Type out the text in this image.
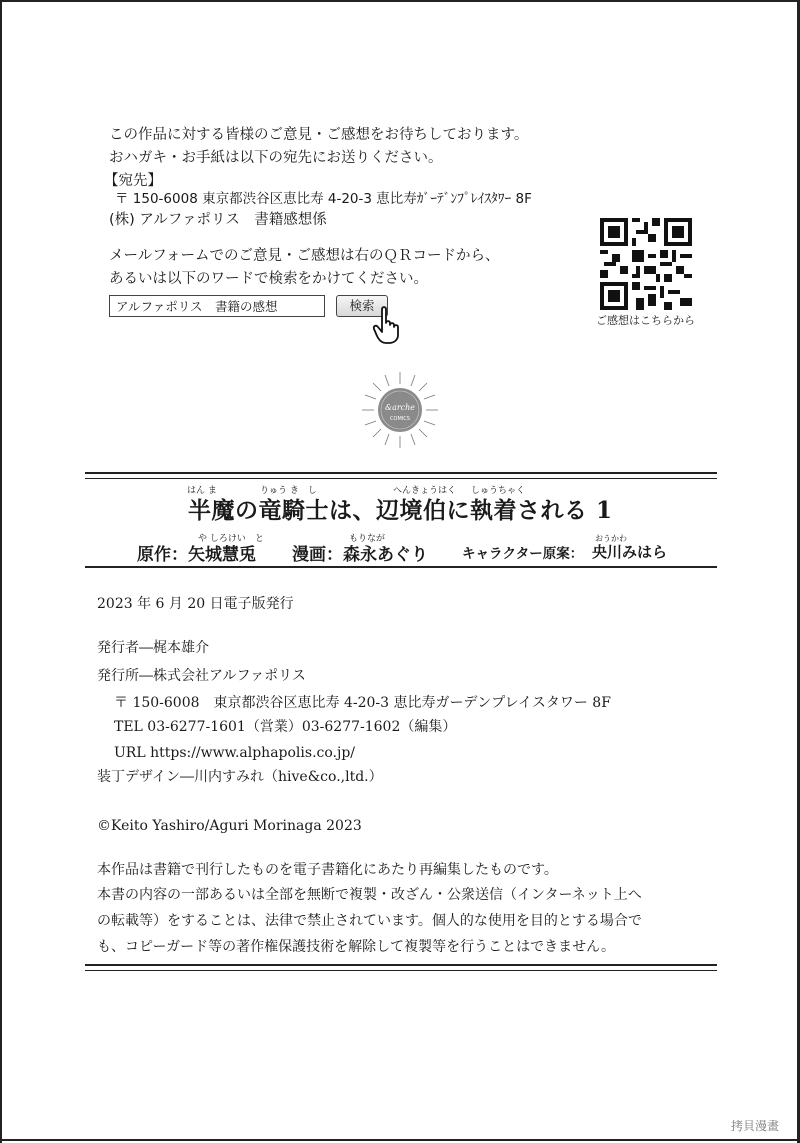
この作品に対する皆様のご意見・ご感想をお待ちしております。
おハガキ・お手紙は以下の宛先にお送りください。
【宛先】
〒 150-6008 東京都渋谷区恵比寿 4-20-3 恵比寿ｶﾞｰﾃﾞﾝﾌﾟﾚｲｽﾀﾜｰ 8F
(株) アルファポリス　書籍感想係
メールフォームでのご意見・ご感想は右のＱＲコードから、
あるいは以下のワードで検索をかけてください。
アルファポリス　書籍の感想	検索
ご感想はこちらから
&arche
COMICS
はん ま	りゅう き　し	へんきょうはく しゅうちゃく
半魔の竜騎士は、辺境伯に執着される 1
や しろけい　と	もりなが	おうかわ
原作：矢城慧兎 漫画：森永あぐり	キャラクター原案： 央川みはら
2023 年 6 月 20 日電子版発行
発行者―梶本雄介
発行所―株式会社アルファポリス
〒 150-6008　東京都渋谷区恵比寿 4-20-3 恵比寿ガーデンプレイスタワー 8F
TEL 03-6277-1601（営業）03-6277-1602（編集）
URL https://www.alphapolis.co.jp/
装丁デザイン―川内すみれ（hive&co.,ltd.）
©Keito Yashiro/Aguri Morinaga 2023
本作品は書籍で刊行したものを電子書籍化にあたり再編集したものです。
本書の内容の一部あるいは全部を無断で複製・改ざん・公衆送信（インターネット上へ
の転載等）をすることは、法律で禁止されています。個人的な使用を目的とする場合で
も、コピーガード等の著作権保護技術を解除して複製等を行うことはできません。
拷貝漫畫
